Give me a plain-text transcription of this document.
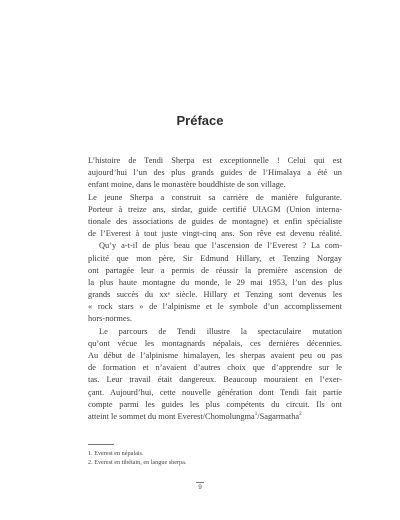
Préface
L’histoire de Tendi Sherpa est exceptionnelle ! Celui qui est
aujourd’hui l’un des plus grands guides de l’Himalaya a été un
enfant moine, dans le monastère bouddhiste de son village.
Le jeune Sherpa a construit sa carrière de manière fulgurante.
Porteur à treize ans, sirdar, guide certifié UIAGM (Union interna-
tionale des associations de guides de montagne) et enfin spécialiste
de l’Everest à tout juste vingt-cinq ans. Son rêve est devenu réalité.
Qu’y a-t-il de plus beau que l’ascension de l’Everest ? La com-
plicité que mon père, Sir Edmund Hillary, et Tenzing Norgay
ont partagée leur a permis de réussir la première ascension de
la plus haute montagne du monde, le 29 mai 1953, l’un des plus
grands succès du xxᵉ siècle. Hillary et Tenzing sont devenus les
« rock stars » de l’alpinisme et le symbole d’un accomplissement
hors-normes.
Le parcours de Tendi illustre la spectaculaire mutation
qu’ont vécue les montagnards népalais, ces dernières décennies.
Au début de l’alpinisme himalayen, les sherpas avaient peu ou pas
de formation et n’avaient d’autres choix que d’apprendre sur le
tas. Leur travail était dangereux. Beaucoup mouraient en l’exer-
çant. Aujourd’hui, cette nouvelle génération dont Tendi fait partie
compte parmi les guides les plus compétents du circuit. Ils ont
atteint le sommet du mont Everest/Chomolungma$^1$/Sagarmatha$^2$
1. Everest en népalais.
2. Everest en tibétain, en langue sherpa.
9
